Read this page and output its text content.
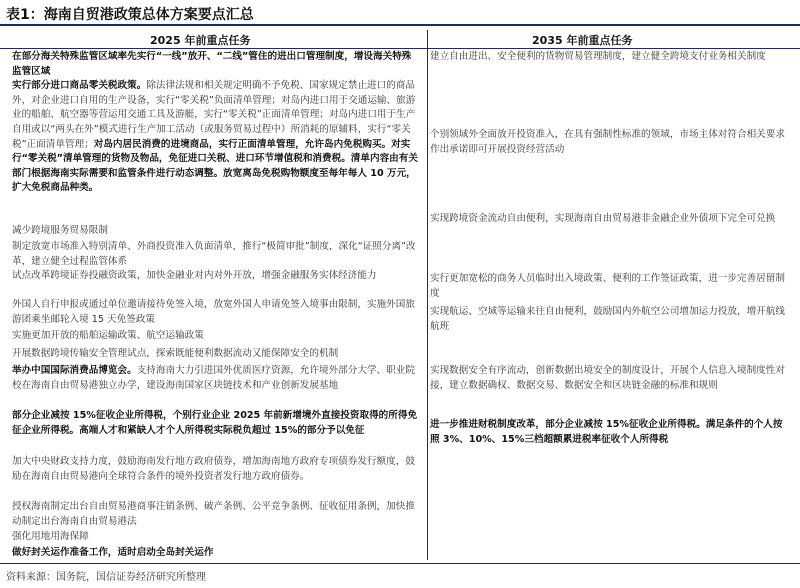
表1：海南自贸港政策总体方案要点汇总
2025 年前重点任务	2035 年前重点任务
在部分海关特殊监管区域率先实行“一线”放开、“二线”管住的进出口管理制度，增设海关特殊监管区域
实行部分进口商品零关税政策。除法律法规和相关规定明确不予免税、国家规定禁止进口的商品外，对企业进口自用的生产设备，实行“零关税”负面清单管理；对岛内进口用于交通运输、旅游业的船舶、航空器等营运用交通工具及游艇，实行“零关税”正面清单管理；对岛内进口用于生产自用或以“两头在外”模式进行生产加工活动（或服务贸易过程中）所消耗的原辅料，实行“零关税”正面清单管理；对岛内居民消费的进境商品，实行正面清单管理，允许岛内免税购买。对实行“零关税”清单管理的货物及物品，免征进口关税、进口环节增值税和消费税。清单内容由有关部门根据海南实际需要和监管条件进行动态调整。放宽离岛免税购物额度至每年每人 10 万元，扩大免税商品种类。
减少跨境服务贸易限制
制定放宽市场准入特别清单、外商投资准入负面清单，推行“极简审批”制度，深化“证照分离”改革，建立健全过程监管体系
试点改革跨境证券投融资政策，加快金融业对内对外开放，增强金融服务实体经济能力
外国人自行申报或通过单位邀请接待免签入境，放宽外国人申请免签入境事由限制，实施外国旅游团乘坐邮轮入境 15 天免签政策
实施更加开放的船舶运输政策、航空运输政策
开展数据跨境传输安全管理试点，探索既能便利数据流动又能保障安全的机制
举办中国国际消费品博览会。支持海南大力引进国外优质医疗资源，允许境外部分大学、职业院校在海南自由贸易港独立办学，建设海南国家区块链技术和产业创新发展基地
部分企业减按 15%征收企业所得税，个别行业企业 2025 年前新增境外直接投资取得的所得免征企业所得税。高端人才和紧缺人才个人所得税实际税负超过 15%的部分予以免征
加大中央财政支持力度，鼓励海南发行地方政府债券，增加海南地方政府专项债券发行额度，鼓励在海南自由贸易港向全球符合条件的境外投资者发行地方政府债券。
授权海南制定出台自由贸易港商事注销条例、破产条例、公平竞争条例、征收征用条例，加快推动制定出台海南自由贸易港法
强化用地用海保障
做好封关运作准备工作，适时启动全岛封关运作
建立自由进出、安全便利的货物贸易管理制度，建立健全跨境支付业务相关制度
个别领域外全面放开投资准入，在具有强制性标准的领域，市场主体对符合相关要求作出承诺即可开展投资经营活动
实现跨境资金流动自由便利，实现海南自由贸易港非金融企业外债项下完全可兑换
实行更加宽松的商务人员临时出入境政策、便利的工作签证政策，进一步完善居留制度
实现航运、空域等运输来往自由便利，鼓励国内外航空公司增加运力投放，增开航线航班
实现数据安全有序流动，创新数据出境安全的制度设计，开展个人信息入境制度性对接，建立数据确权、数据交易、数据安全和区块链金融的标准和规则
进一步推进财税制度改革，部分企业减按 15%征收企业所得税。满足条件的个人按照 3%、10%、15%三档超额累进税率征收个人所得税
资料来源：国务院，国信证券经济研究所整理
